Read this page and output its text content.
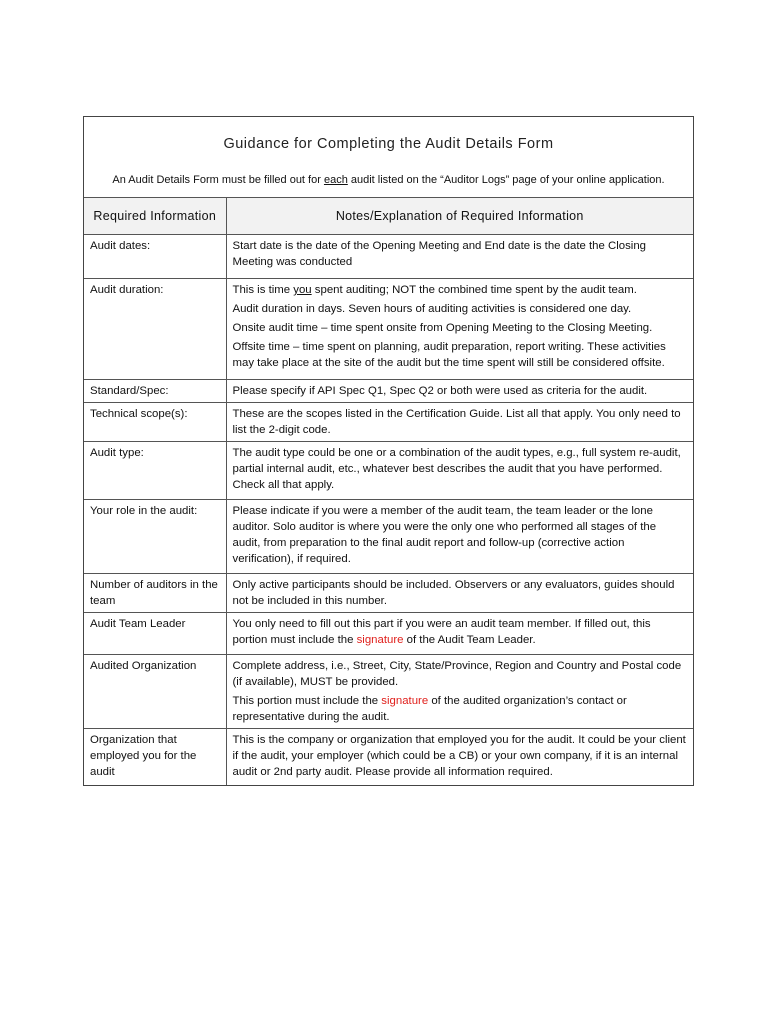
Guidance for Completing the Audit Details Form
An Audit Details Form must be filled out for each audit listed on the “Auditor Logs” page of your online application.
Required Information	Notes/Explanation of Required Information
Audit dates:	Start date is the date of the Opening Meeting and End date is the date the Closing Meeting was conducted

Audit duration:	This is time you spent auditing; NOT the combined time spent by the audit team.
Audit duration in days. Seven hours of auditing activities is considered one day.
Onsite audit time – time spent onsite from Opening Meeting to the Closing Meeting.
Offsite time – time spent on planning, audit preparation, report writing. These activities may take place at the site of the audit but the time spent will still be considered offsite.

Standard/Spec:	Please specify if API Spec Q1, Spec Q2 or both were used as criteria for the audit.

Technical scope(s):	These are the scopes listed in the Certification Guide. List all that apply. You only need to list the 2-digit code.

Audit type:	The audit type could be one or a combination of the audit types, e.g., full system re-audit, partial internal audit, etc., whatever best describes the audit that you have performed. Check all that apply.

Your role in the audit:	Please indicate if you were a member of the audit team, the team leader or the lone auditor. Solo auditor is where you were the only one who performed all stages of the audit, from preparation to the final audit report and follow-up (corrective action verification), if required.

Number of auditors in the team	Only active participants should be included. Observers or any evaluators, guides should not be included in this number.

Audit Team Leader	You only need to fill out this part if you were an audit team member. If filled out, this portion must include the signature of the Audit Team Leader.

Audited Organization	Complete address, i.e., Street, City, State/Province, Region and Country and Postal code (if available), MUST be provided.
This portion must include the signature of the audited organization’s contact or representative during the audit.

Organization that employed you for the audit	This is the company or organization that employed you for the audit. It could be your client if the audit, your employer (which could be a CB) or your own company, if it is an internal audit or 2nd party audit. Please provide all information required.
